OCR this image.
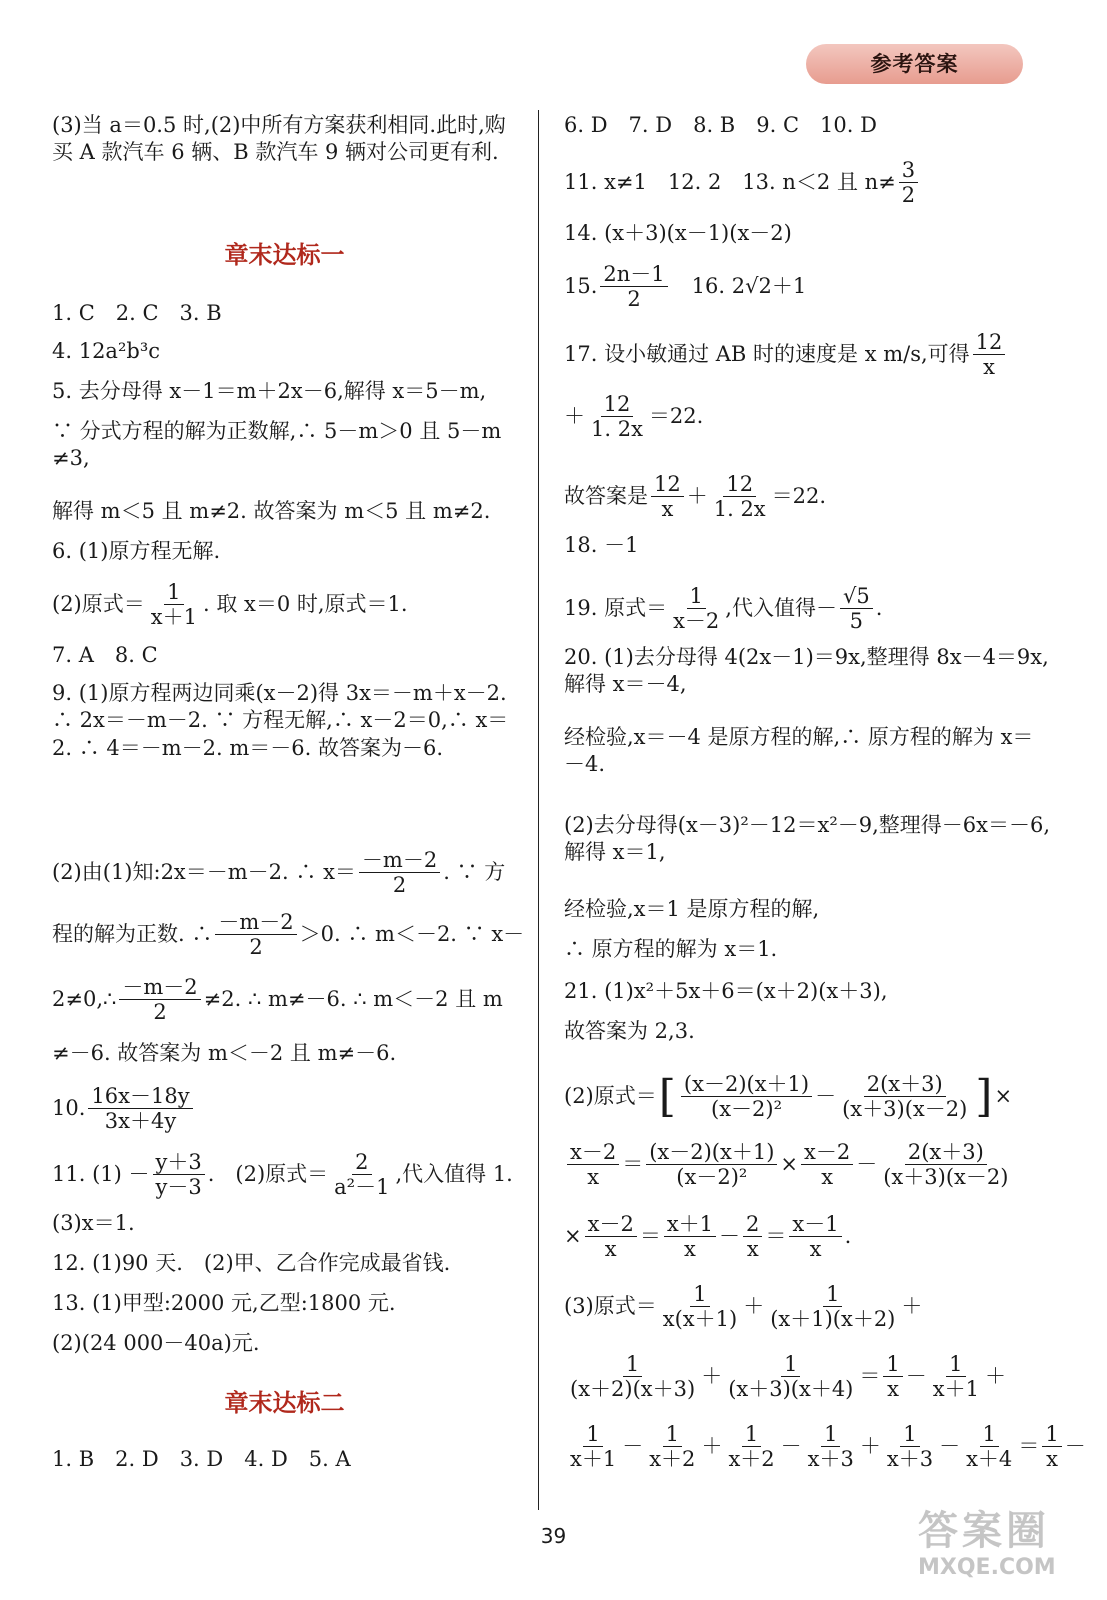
参考答案
(3)当 a＝0.5 时,(2)中所有方案获利相同.此时,购买 A 款汽车 6 辆、B 款汽车 9 辆对公司更有利.
章末达标一
1. C　2. C　3. B
4. 12a²b³c
5. 去分母得 x－1＝m＋2x－6,解得 x＝5－m,
∵ 分式方程的解为正数解,∴ 5－m＞0 且 5－m ≠3,
解得 m＜5 且 m≠2. 故答案为 m＜5 且 m≠2.
6. (1)原方程无解.
(2)原式＝ $\frac{1}{x+1}$ . 取 x＝0 时,原式＝1.
7. A　8. C
9. (1)原方程两边同乘(x－2)得 3x＝－m＋x－2. ∴ 2x＝－m－2. ∵ 方程无解,∴ x－2＝0,∴ x＝2. ∴ 4＝－m－2. m＝－6. 故答案为－6.
(2)由(1)知:2x＝－m－2. ∴ $x= \frac{-m-2}{2}$ . ∵ 方
程的解为正数. ∴ $\frac{-m-2}{2} >0$. ∴ m＜－2. ∵ x－
2≠0,∴ $\frac{-m-2}{2} \ne 2$. ∴ m≠－6. ∴ m＜－2 且 m
≠－6. 故答案为 m＜－2 且 m≠－6.
10. $\frac{16x-18y}{3x+4y}$
11. $(1) - \frac{y+3}{y-3}$ .　(2)原式＝ $\frac{2}{\text{a²－1}}$ ,代入值得 1.
(3)x＝1.
12. (1)90 天.　(2)甲、乙合作完成最省钱.
13. (1)甲型:2000 元,乙型:1800 元.
(2)(24 000－40a)元.
章末达标二
1. B　2. D　3. D　4. D　5. A
6. D　7. D　8. B　9. C　10. D
11. x≠1　12. 2　13. n＜2 且 $n\ne \frac{3}{2}$
14. (x＋3)(x－1)(x－2)
15. $\frac{2n-1}{2}$ 　16. 2√2＋1
17. 设小敏通过 AB 时的速度是 x m/s,可得 $\frac{12}{x}$
＋ $\frac{12}{1. 2x} =22$.
故答案是 $\frac{12}{x} + \frac{12}{1. 2x} =22$.
18. －1
19. 原式＝ $\frac{1}{x-2}$ ,代入值得－ $\frac{√5}{5}$ .
20. (1)去分母得 4(2x－1)＝9x,整理得 8x－4＝9x,解得 x＝－4,
经检验,x＝－4 是原方程的解,∴ 原方程的解为 x＝－4.
(2)去分母得(x－3)²－12＝x²－9,整理得－6x＝－6,解得 x＝1,
经检验,x＝1 是原方程的解,
∴ 原方程的解为 x＝1.
21. (1)x²＋5x＋6＝(x＋2)(x＋3),
故答案为 2,3.
(2)原式＝ [ $\frac{(x-2)(x+1)}{\text{(x－2)²}} - \frac{2(x+3)}{(x+3)(x-2)}$ ] ×
$\frac{x-2}{x} = \frac{(x-2)(x+1)}{\text{(x－2)²}} \times \frac{x-2}{x} - \frac{2(x+3)}{(x+3)(x-2)}$
× $\frac{x-2}{x} = \frac{x+1}{x} - \frac{2}{x} = \frac{x-1}{x}$ .
(3)原式＝ $\frac{1}{x(x+1)} + \frac{1}{(x+1)(x+2)}$ ＋
$\frac{1}{(x+2)(x+3)} + \frac{1}{(x+3)(x+4)} = \frac{1}{x} - \frac{1}{x+1}$ ＋
$\frac{1}{x+1} - \frac{1}{x+2} + \frac{1}{x+2} - \frac{1}{x+3} + \frac{1}{x+3} - \frac{1}{x+4} = \frac{1}{x}$ －
39	答案圈
MXQE.COM
